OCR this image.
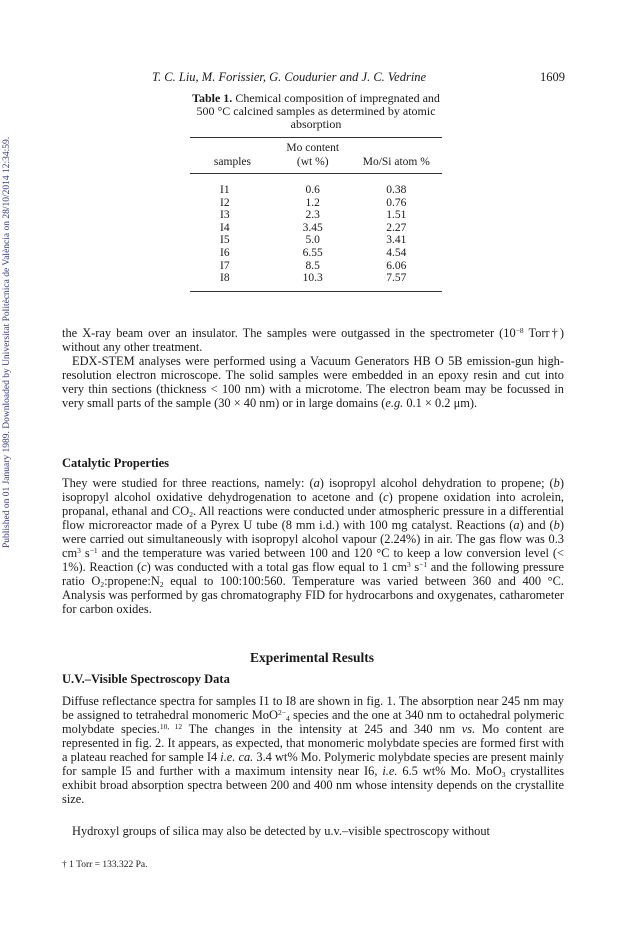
Published on 01 January 1989. Downloaded by Universitat Politècnica de València on 28/10/2014 12:34:59.
T. C. Liu, M. Forissier, G. Coudurier and J. C. Vedrine	1609

Table 1. Chemical composition of impregnated and 500 °C calcined samples as determined by atomic absorption

	Mo content	
samples	(wt %)	Mo/Si atom %

I1	0.6	0.38
I2	1.2	0.76
I3	2.3	1.51
I4	3.45	2.27
I5	5.0	3.41
I6	6.55	4.54
I7	8.5	6.06
I8	10.3	7.57

the X-ray beam over an insulator. The samples were outgassed in the spectrometer ($10^{-8}$ Torr†) without any other treatment.

EDX-STEM analyses were performed using a Vacuum Generators HB O 5B emission-gun high-resolution electron microscope. The solid samples were embedded in an epoxy resin and cut into very thin sections (thickness < 100 nm) with a microtome. The electron beam may be focussed in very small parts of the sample (30 × 40 nm) or in large domains (e.g. 0.1 × 0.2 μm).

Catalytic Properties

They were studied for three reactions, namely: (a) isopropyl alcohol dehydration to propene; (b) isopropyl alcohol oxidative dehydrogenation to acetone and (c) propene oxidation into acrolein, propanal, ethanal and $CO_2$. All reactions were conducted under atmospheric pressure in a differential flow microreactor made of a Pyrex U tube (8 mm i.d.) with 100 mg catalyst. Reactions (a) and (b) were carried out simultaneously with isopropyl alcohol vapour (2.24%) in air. The gas flow was 0.3 $cm^3$ $s^{-1}$ and the temperature was varied between 100 and 120 °C to keep a low conversion level (< 1%). Reaction (c) was conducted with a total gas flow equal to 1 $cm^3$ $s^{-1}$ and the following pressure ratio $O_2:propene:N_2$ equal to 100:100:560. Temperature was varied between 360 and 400 °C. Analysis was performed by gas chromatography FID for hydrocarbons and oxygenates, catharometer for carbon oxides.

Experimental Results

U.V.–Visible Spectroscopy Data

Diffuse reflectance spectra for samples I1 to I8 are shown in fig. 1. The absorption near 245 nm may be assigned to tetrahedral monomeric MoO$^{2-}_4$ species and the one at 340 nm to octahedral polymeric molybdate species.$^{10, 12}$ The changes in the intensity at 245 and 340 nm vs. Mo content are represented in fig. 2. It appears, as expected, that monomeric molybdate species are formed first with a plateau reached for sample I4 i.e. ca. 3.4 wt% Mo. Polymeric molybdate species are present mainly for sample I5 and further with a maximum intensity near I6, i.e. 6.5 wt% Mo. MoO$_3$ crystallites exhibit broad absorption spectra between 200 and 400 nm whose intensity depends on the crystallite size.

Hydroxyl groups of silica may also be detected by u.v.–visible spectroscopy without

† 1 Torr = 133.322 Pa.
